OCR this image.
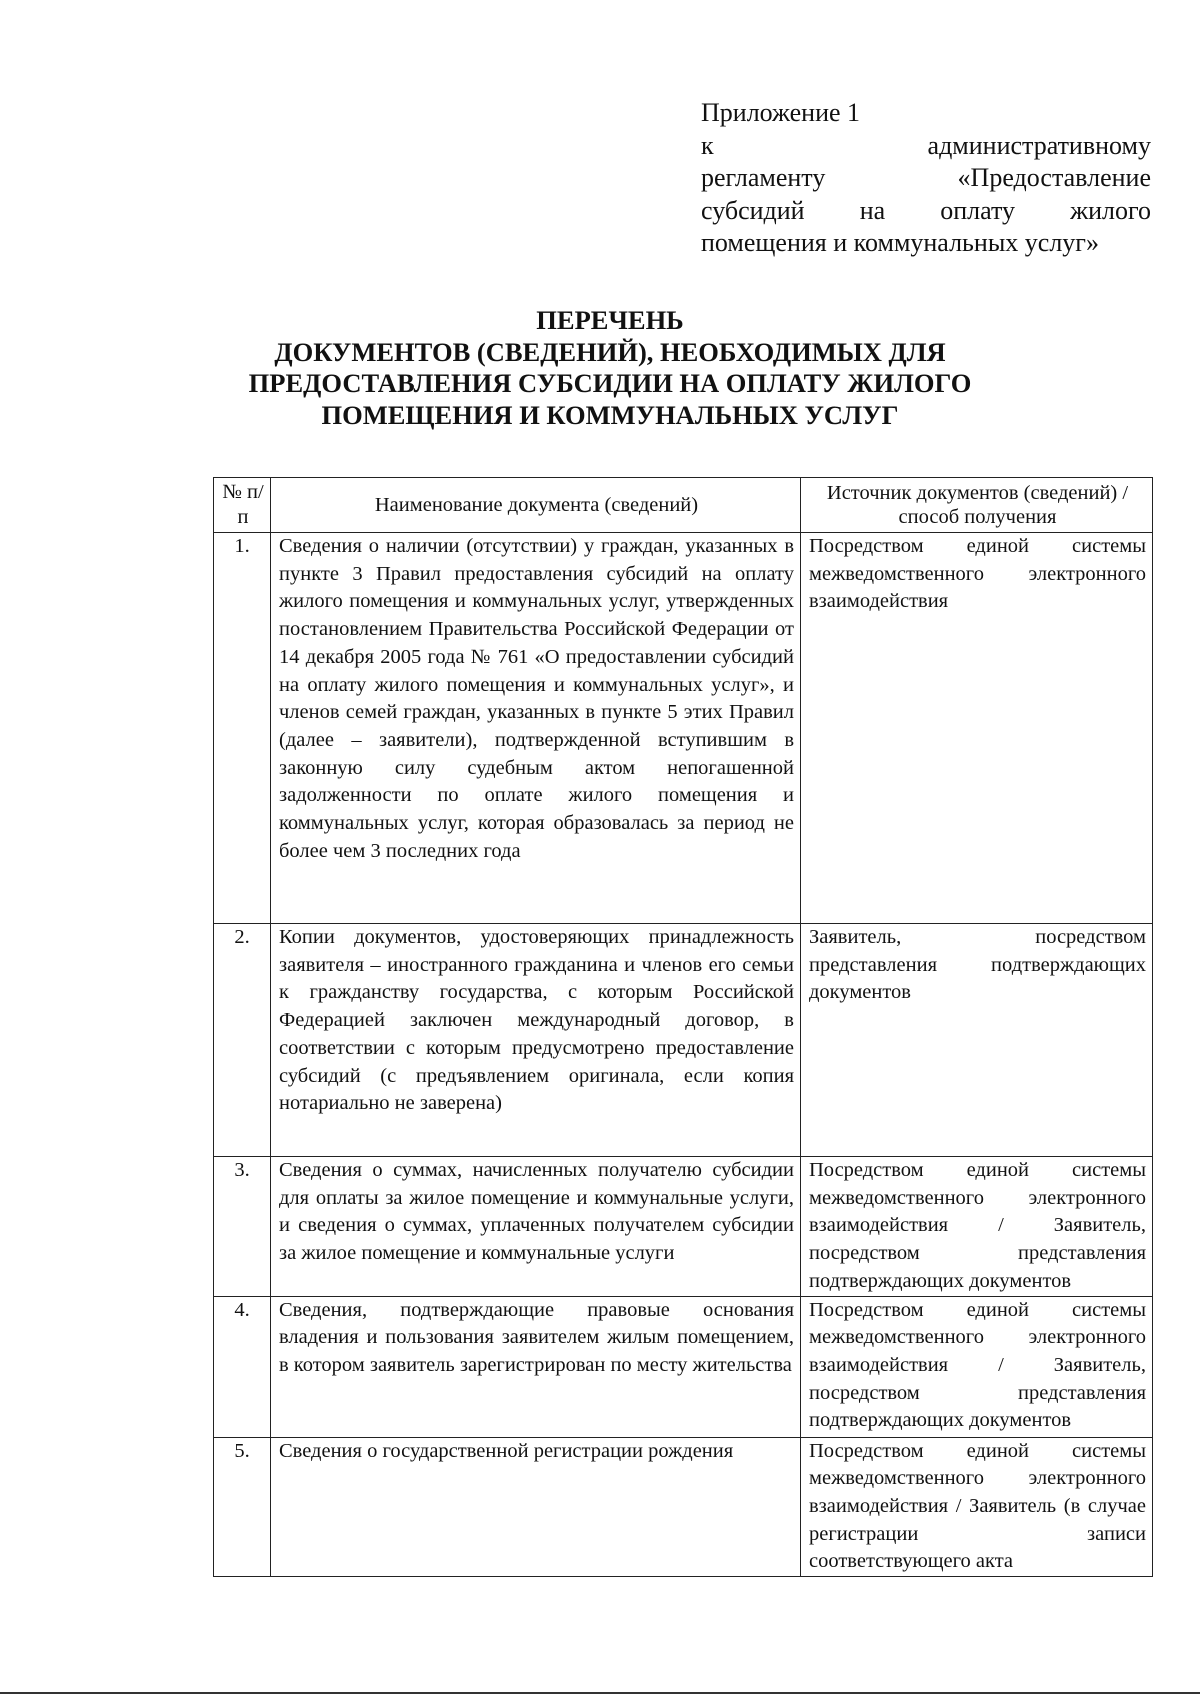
Приложение 1
к административному
регламенту «Предоставление
субсидий на оплату жилого
помещения и коммунальных услуг»
ПЕРЕЧЕНЬ
ДОКУМЕНТОВ (СВЕДЕНИЙ), НЕОБХОДИМЫХ ДЛЯ
ПРЕДОСТАВЛЕНИЯ СУБСИДИИ НА ОПЛАТУ ЖИЛОГО
ПОМЕЩЕНИЯ И КОММУНАЛЬНЫХ УСЛУГ
№ п/п	Наименование документа (сведений)	Источник документов (сведений) / способ получения
1.	Сведения о наличии (отсутствии) у граждан, указанных в пункте 3 Правил предоставления субсидий на оплату жилого помещения и коммунальных услуг, утвержденных постановлением Правительства Российской Федерации от 14 декабря 2005 года № 761 «О предоставлении субсидий на оплату жилого помещения и коммунальных услуг», и членов семей граждан, указанных в пункте 5 этих Правил (далее – заявители), подтвержденной вступившим в законную силу судебным актом непогашенной задолженности по оплате жилого помещения и коммунальных услуг, которая образовалась за период не более чем 3 последних года	Посредством единой системы межведомственного электронного взаимодействия
2.	Копии документов, удостоверяющих принадлежность заявителя – иностранного гражданина и членов его семьи к гражданству государства, с которым Российской Федерацией заключен международный договор, в соответствии с которым предусмотрено предоставление субсидий (с предъявлением оригинала, если копия нотариально не заверена)	Заявитель, посредством представления подтверждающих документов
3.	Сведения о суммах, начисленных получателю субсидии для оплаты за жилое помещение и коммунальные услуги, и сведения о суммах, уплаченных получателем субсидии за жилое помещение и коммунальные услуги	Посредством единой системы межведомственного электронного взаимодействия / Заявитель, посредством представления подтверждающих документов
4.	Сведения, подтверждающие правовые основания владения и пользования заявителем жилым помещением, в котором заявитель зарегистрирован по месту жительства	Посредством единой системы межведомственного электронного взаимодействия / Заявитель, посредством представления подтверждающих документов
5.	Сведения о государственной регистрации рождения	Посредством единой системы межведомственного электронного взаимодействия / Заявитель (в случае регистрации записи соответствующего акта
